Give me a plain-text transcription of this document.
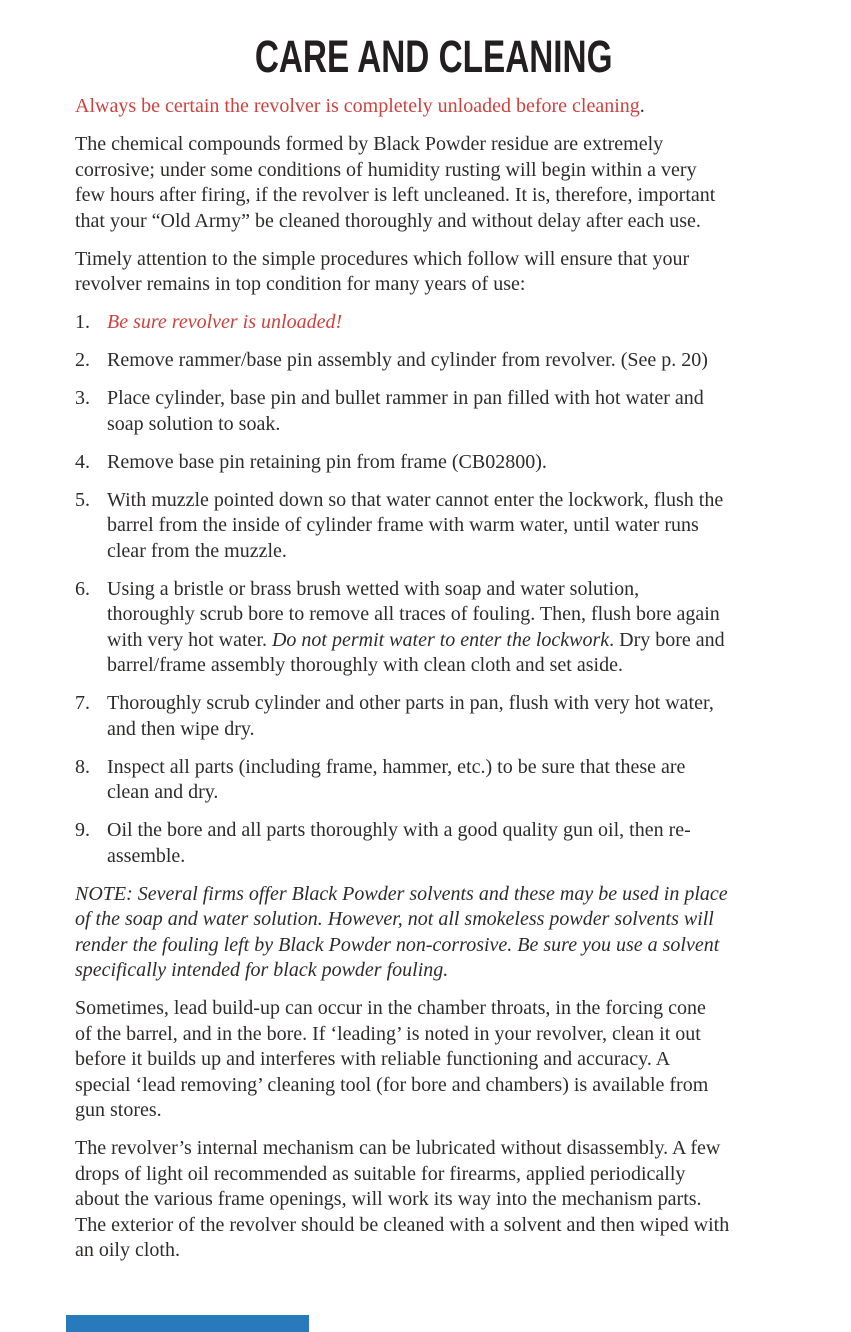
CARE AND CLEANING

Always be certain the revolver is completely unloaded before cleaning.

The chemical compounds formed by Black Powder residue are extremely
corrosive; under some conditions of humidity rusting will begin within a very
few hours after firing, if the revolver is left uncleaned. It is, therefore, important
that your “Old Army” be cleaned thoroughly and without delay after each use.
Timely attention to the simple procedures which follow will ensure that your
revolver remains in top condition for many years of use:
1. Be sure revolver is unloaded!
2. Remove rammer/base pin assembly and cylinder from revolver. (See p. 20)
3. Place cylinder, base pin and bullet rammer in pan filled with hot water and
soap solution to soak.
4. Remove base pin retaining pin from frame (CB02800).
5. With muzzle pointed down so that water cannot enter the lockwork, flush the
barrel from the inside of cylinder frame with warm water, until water runs
clear from the muzzle.
6. Using a bristle or brass brush wetted with soap and water solution,
thoroughly scrub bore to remove all traces of fouling. Then, flush bore again
with very hot water. Do not permit water to enter the lockwork. Dry bore and
barrel/frame assembly thoroughly with clean cloth and set aside.
7. Thoroughly scrub cylinder and other parts in pan, flush with very hot water,
and then wipe dry.
8. Inspect all parts (including frame, hammer, etc.) to be sure that these are
clean and dry.
9. Oil the bore and all parts thoroughly with a good quality gun oil, then re-
assemble.
NOTE: Several firms offer Black Powder solvents and these may be used in place
of the soap and water solution. However, not all smokeless powder solvents will
render the fouling left by Black Powder non-corrosive. Be sure you use a solvent
specifically intended for black powder fouling.
Sometimes, lead build-up can occur in the chamber throats, in the forcing cone
of the barrel, and in the bore. If ‘leading’ is noted in your revolver, clean it out
before it builds up and interferes with reliable functioning and accuracy. A
special ‘lead removing’ cleaning tool (for bore and chambers) is available from
gun stores.
The revolver’s internal mechanism can be lubricated without disassembly. A few
drops of light oil recommended as suitable for firearms, applied periodically
about the various frame openings, will work its way into the mechanism parts.
The exterior of the revolver should be cleaned with a solvent and then wiped with
an oily cloth.
